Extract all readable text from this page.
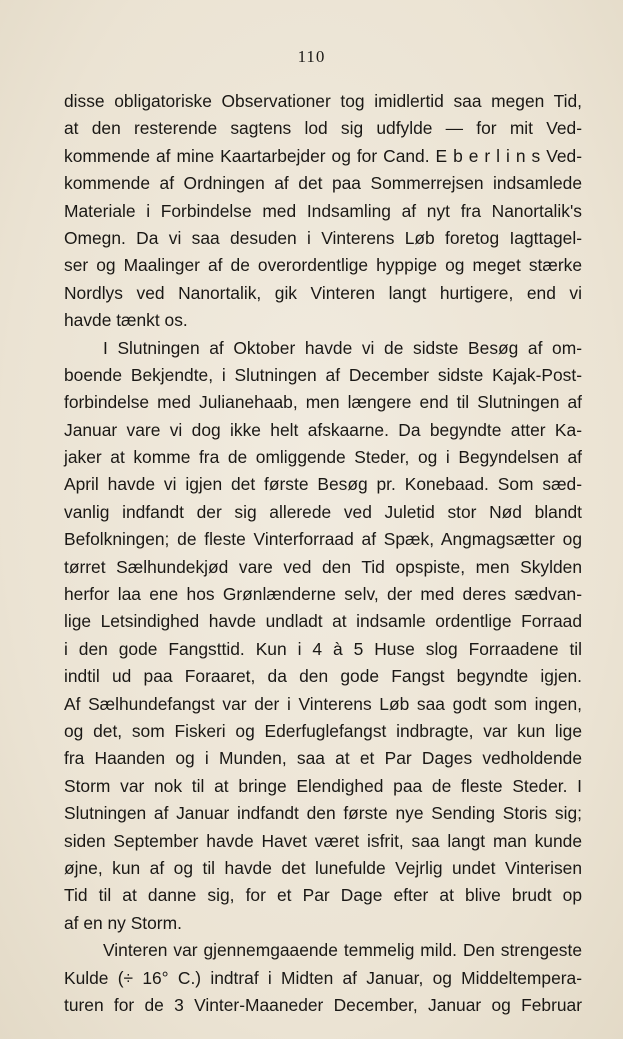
110
disse obligatoriske Observationer tog imidlertid saa megen Tid,
at den resterende sagtens lod sig udfylde — for mit Ved-
kommende af mine Kaartarbejder og for Cand. E b e r l i n s Ved-
kommende af Ordningen af det paa Sommerrejsen indsamlede
Materiale i Forbindelse med Indsamling af nyt fra Nanortalik's
Omegn. Da vi saa desuden i Vinterens Løb foretog Iagttagel-
ser og Maalinger af de overordentlige hyppige og meget stærke
Nordlys ved Nanortalik, gik Vinteren langt hurtigere, end vi
havde tænkt os.
I Slutningen af Oktober havde vi de sidste Besøg af om-
boende Bekjendte, i Slutningen af December sidste Kajak-Post-
forbindelse med Julianehaab, men længere end til Slutningen af
Januar vare vi dog ikke helt afskaarne. Da begyndte atter Ka-
jaker at komme fra de omliggende Steder, og i Begyndelsen af
April havde vi igjen det første Besøg pr. Konebaad. Som sæd-
vanlig indfandt der sig allerede ved Juletid stor Nød blandt
Befolkningen; de fleste Vinterforraad af Spæk, Angmagsætter og
tørret Sælhundekjød vare ved den Tid opspiste, men Skylden
herfor laa ene hos Grønlænderne selv, der med deres sædvan-
lige Letsindighed havde undladt at indsamle ordentlige Forraad
i den gode Fangsttid. Kun i 4 à 5 Huse slog Forraadene til
indtil ud paa Foraaret, da den gode Fangst begyndte igjen.
Af Sælhundefangst var der i Vinterens Løb saa godt som ingen,
og det, som Fiskeri og Ederfuglefangst indbragte, var kun lige
fra Haanden og i Munden, saa at et Par Dages vedholdende
Storm var nok til at bringe Elendighed paa de fleste Steder. I
Slutningen af Januar indfandt den første nye Sending Storis sig;
siden September havde Havet været isfrit, saa langt man kunde
øjne, kun af og til havde det lunefulde Vejrlig undet Vinterisen
Tid til at danne sig, for et Par Dage efter at blive brudt op
af en ny Storm.
Vinteren var gjennemgaaende temmelig mild. Den strengeste
Kulde (÷ 16° C.) indtraf i Midten af Januar, og Middeltempera-
turen for de 3 Vinter-Maaneder December, Januar og Februar
